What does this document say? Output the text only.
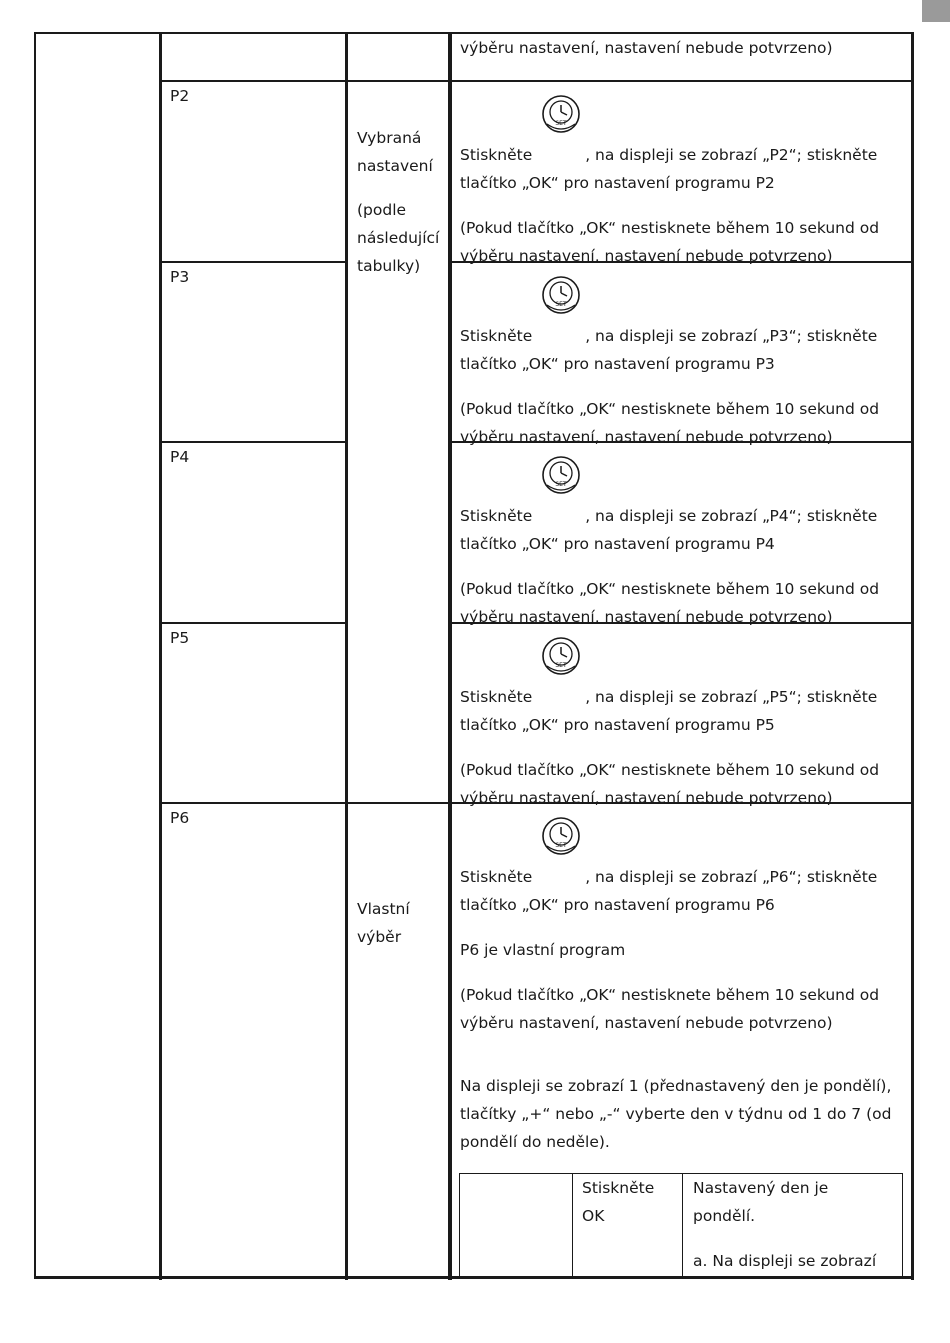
výběru nastavení, nastavení nebude potvrzeno)

Vybraná

nastavení

(podle

následující

tabulky)

Vlastní

výběr

P2
P3
P4
P5
P6

Stiskněte
SET
, na displeji se zobrazí „P2“; stiskněte

tlačítko „OK“ pro nastavení programu P2

(Pokud tlačítko „OK“ nestisknete během 10 sekund od

výběru nastavení, nastavení nebude potvrzeno)

Stiskněte
SET
, na displeji se zobrazí „P3“; stiskněte

tlačítko „OK“ pro nastavení programu P3

(Pokud tlačítko „OK“ nestisknete během 10 sekund od

výběru nastavení, nastavení nebude potvrzeno)

Stiskněte
SET
, na displeji se zobrazí „P4“; stiskněte

tlačítko „OK“ pro nastavení programu P4

(Pokud tlačítko „OK“ nestisknete během 10 sekund od

výběru nastavení, nastavení nebude potvrzeno)

Stiskněte
SET
, na displeji se zobrazí „P5“; stiskněte

tlačítko „OK“ pro nastavení programu P5

(Pokud tlačítko „OK“ nestisknete během 10 sekund od

výběru nastavení, nastavení nebude potvrzeno)

Stiskněte
SET
, na displeji se zobrazí „P6“; stiskněte

tlačítko „OK“ pro nastavení programu P6

P6 je vlastní program

(Pokud tlačítko „OK“ nestisknete během 10 sekund od

výběru nastavení, nastavení nebude potvrzeno)

Na displeji se zobrazí 1 (přednastavený den je pondělí),

tlačítky „+“ nebo „-“ vyberte den v týdnu od 1 do 7 (od

pondělí do neděle).

Stiskněte
OK
Nastavený den je
pondělí.
a. Na displeji se zobrazí
